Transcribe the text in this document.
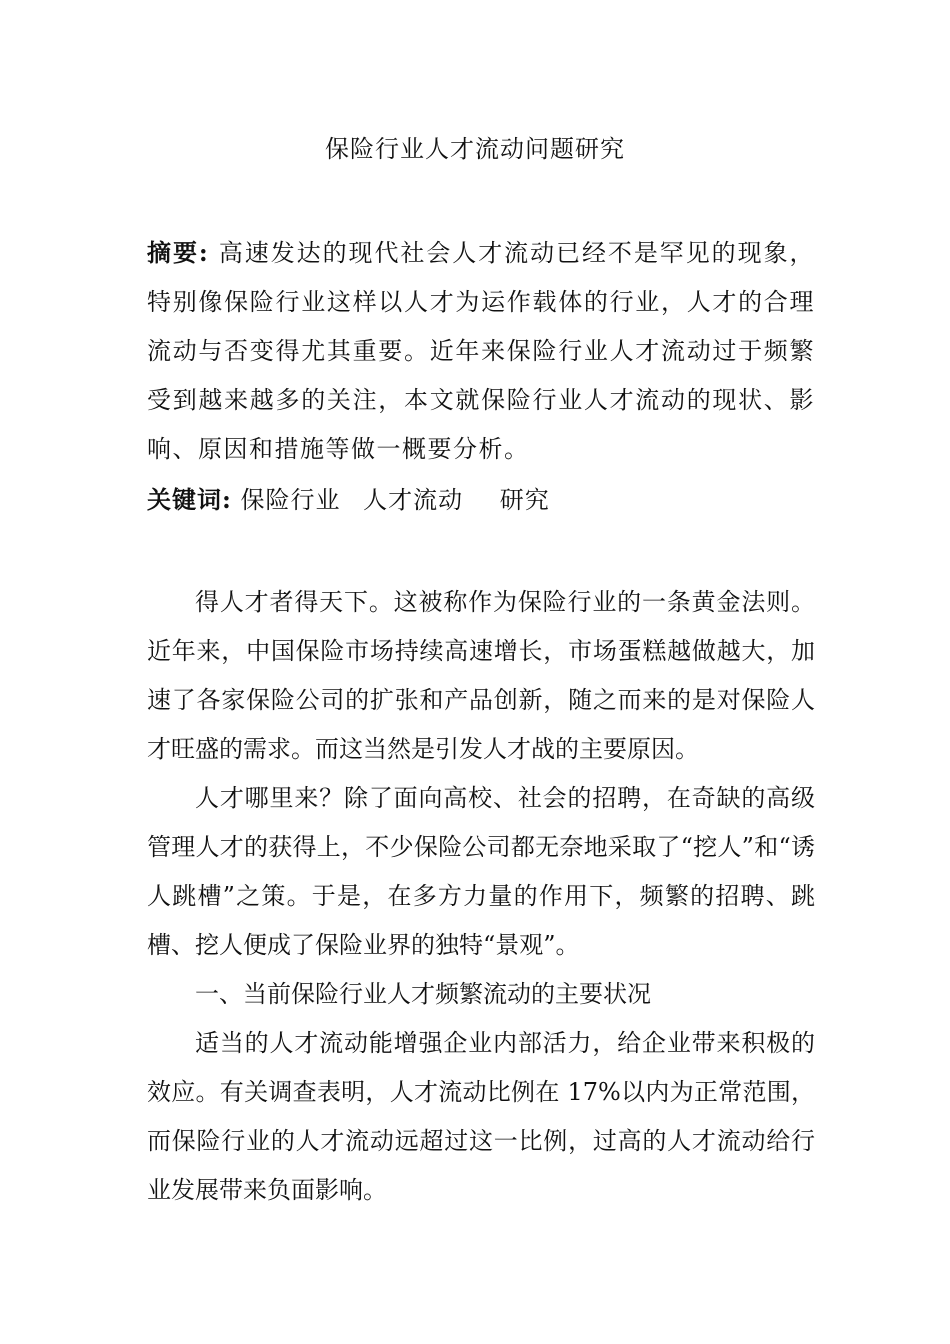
保险行业人才流动问题研究
摘要: 高速发达的现代社会人才流动已经不是罕见的现象，特别像保险行业这样以人才为运作载体的行业，人才的合理流动与否变得尤其重要。近年来保险行业人才流动过于频繁受到越来越多的关注，本文就保险行业人才流动的现状、影响、原因和措施等做一概要分析。
关键词: 保险行业 人才流动 研究

得人才者得天下。这被称作为保险行业的一条黄金法则。近年来，中国保险市场持续高速增长，市场蛋糕越做越大，加速了各家保险公司的扩张和产品创新，随之而来的是对保险人才旺盛的需求。而这当然是引发人才战的主要原因。

人才哪里来？除了面向高校、社会的招聘，在奇缺的高级管理人才的获得上，不少保险公司都无奈地采取了“挖人”和“诱人跳槽”之策。于是，在多方力量的作用下，频繁的招聘、跳槽、挖人便成了保险业界的独特“景观”。

一、当前保险行业人才频繁流动的主要状况

适当的人才流动能增强企业内部活力，给企业带来积极的效应。有关调查表明，人才流动比例在 17%以内为正常范围，而保险行业的人才流动远超过这一比例，过高的人才流动给行业发展带来负面影响。
